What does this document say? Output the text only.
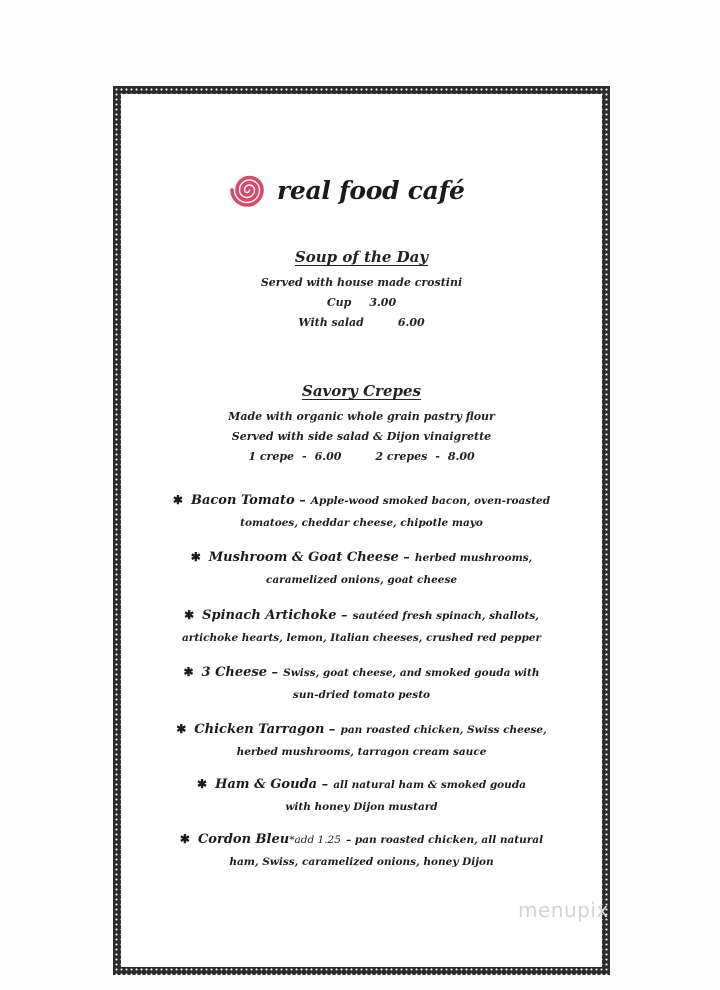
real food café
Soup of the Day
Served with house made crostini
Cup 3.00
With salad	6.00
Savory Crepes
Made with organic whole grain pastry flour
Served with side salad & Dijon vinaigrette
1 crepe - 6.00	2 crepes - 8.00
✱ Bacon Tomato – Apple-wood smoked bacon, oven-roasted
tomatoes, cheddar cheese, chipotle mayo
✱ Mushroom & Goat Cheese – herbed mushrooms,
caramelized onions, goat cheese
✱ Spinach Artichoke – sautéed fresh spinach, shallots,
artichoke hearts, lemon, Italian cheeses, crushed red pepper
✱ 3 Cheese – Swiss, goat cheese, and smoked gouda with
sun-dried tomato pesto
✱ Chicken Tarragon – pan roasted chicken, Swiss cheese,
herbed mushrooms, tarragon cream sauce
✱ Ham & Gouda – all natural ham & smoked gouda
with honey Dijon mustard
✱ Cordon Bleu*add 1.25 – pan roasted chicken, all natural
ham, Swiss, caramelized onions, honey Dijon
menupix
